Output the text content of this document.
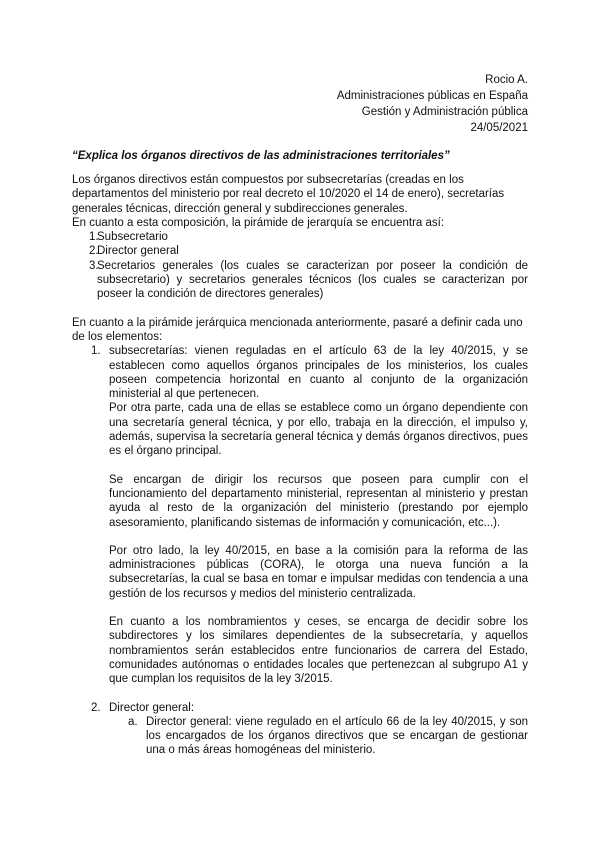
Rocio A.
Administraciones públicas en España
Gestión y Administración pública
24/05/2021
“Explica los órganos directivos de las administraciones territoriales”

Los órganos directivos están compuestos por subsecretarías (creadas en los departamentos del ministerio por real decreto el 10/2020 el 14 de enero), secretarías generales técnicas, dirección general y subdirecciones generales.

En cuanto a esta composición, la pirámide de jerarquía se encuentra así:

1.
Subsecretario
2.
Director general
3.
Secretarios generales (los cuales se caracterizan por poseer la condición de subsecretario) y secretarios generales técnicos (los cuales se caracterizan por poseer la condición de directores generales)

En cuanto a la pirámide jerárquica mencionada anteriormente, pasaré a definir cada uno de los elementos:

1. subsecretarías: vienen reguladas en el artículo 63 de la ley 40/2015, y se establecen como aquellos órganos principales de los ministerios, los cuales poseen competencia horizontal en cuanto al conjunto de la organización ministerial al que pertenecen.

Por otra parte, cada una de ellas se establece como un órgano dependiente con una secretaría general técnica, y por ello, trabaja en la dirección, el impulso y, además, supervisa la secretaría general técnica y demás órganos directivos, pues es el órgano principal.

Se encargan de dirigir los recursos que poseen para cumplir con el funcionamiento del departamento ministerial, representan al ministerio y prestan ayuda al resto de la organización del ministerio (prestando por ejemplo asesoramiento, planificando sistemas de información y comunicación, etc...).

Por otro lado, la ley 40/2015, en base a la comisión para la reforma de las administraciones públicas (CORA), le otorga una nueva función a la subsecretarías, la cual se basa en tomar e impulsar medidas con tendencia a una gestión de los recursos y medios del ministerio centralizada.

En cuanto a los nombramientos y ceses, se encarga de decidir sobre los subdirectores y los similares dependientes de la subsecretaría, y aquellos nombramientos serán establecidos entre funcionarios de carrera del Estado, comunidades autónomas o entidades locales que pertenezcan al subgrupo A1 y que cumplan los requisitos de la ley 3/2015.

2. Director general:
a. Director general: viene regulado en el artículo 66 de la ley 40/2015, y son los encargados de los órganos directivos que se encargan de gestionar una o más áreas homogéneas del ministerio.
